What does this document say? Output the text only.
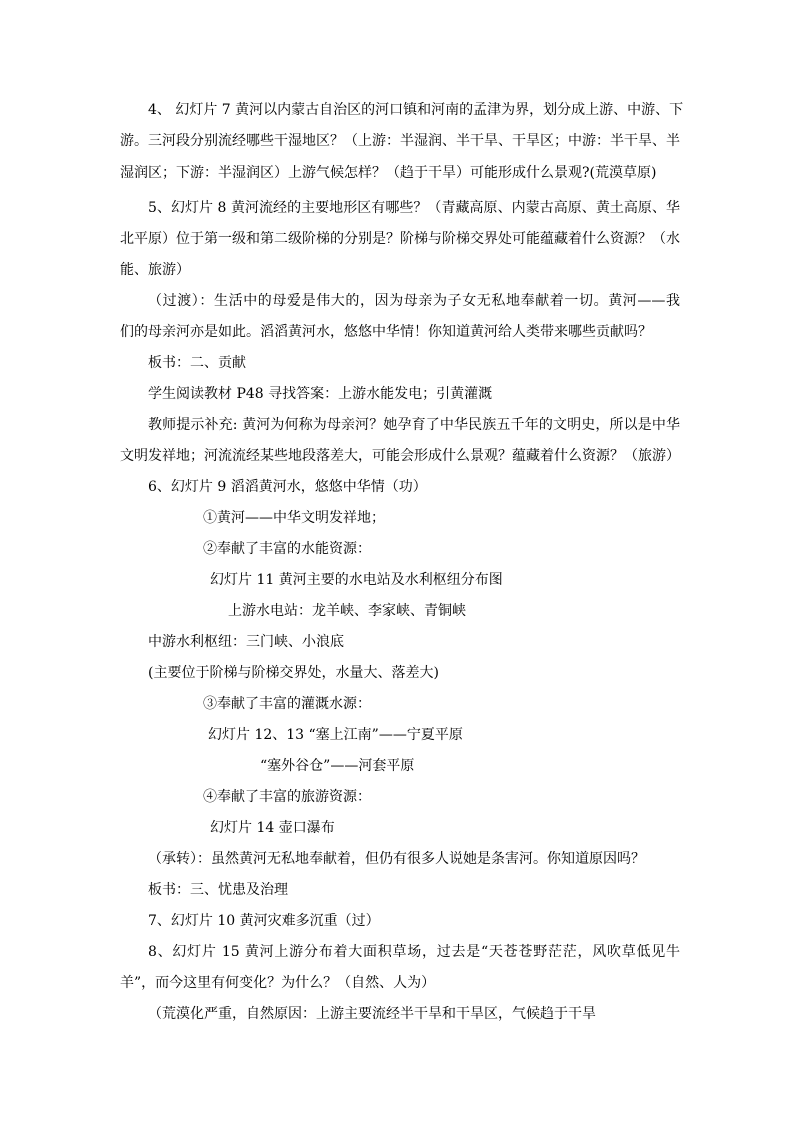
4、 幻灯片 7 黄河以内蒙古自治区的河口镇和河南的孟津为界，划分成上游、中游、下
游。三河段分别流经哪些干湿地区？（上游：半湿润、半干旱、干旱区；中游：半干旱、半
湿润区；下游：半湿润区）上游气候怎样？（趋于干旱）可能形成什么景观?(荒漠草原)
5、幻灯片 8 黄河流经的主要地形区有哪些？（青藏高原、内蒙古高原、黄土高原、华
北平原）位于第一级和第二级阶梯的分别是？阶梯与阶梯交界处可能蕴藏着什么资源？（水
能、旅游）
（过渡）：生活中的母爱是伟大的，因为母亲为子女无私地奉献着一切。黄河——我
们的母亲河亦是如此。滔滔黄河水，悠悠中华情！你知道黄河给人类带来哪些贡献吗？
板书：二、贡献
学生阅读教材 P48 寻找答案：上游水能发电；引黄灌溉
教师提示补充: 黄河为何称为母亲河？她孕育了中华民族五千年的文明史，所以是中华
文明发祥地；河流流经某些地段落差大，可能会形成什么景观？蕴藏着什么资源？（旅游）
6、幻灯片 9 滔滔黄河水，悠悠中华情（功）
①黄河——中华文明发祥地；
②奉献了丰富的水能资源：
幻灯片 11 黄河主要的水电站及水利枢纽分布图
上游水电站：龙羊峡、李家峡、青铜峡
中游水利枢纽：三门峡、小浪底
(主要位于阶梯与阶梯交界处，水量大、落差大)
③奉献了丰富的灌溉水源：
幻灯片 12、13 “塞上江南”——宁夏平原
“塞外谷仓”——河套平原
④奉献了丰富的旅游资源：
幻灯片 14 壶口瀑布
（承转）：虽然黄河无私地奉献着，但仍有很多人说她是条害河。你知道原因吗？
板书：三、忧患及治理
7、幻灯片 10 黄河灾难多沉重（过）
8、幻灯片 15 黄河上游分布着大面积草场，过去是“天苍苍野茫茫，风吹草低见牛
羊”，而今这里有何变化？为什么？（自然、人为）
（荒漠化严重，自然原因：上游主要流经半干旱和干旱区，气候趋于干旱
